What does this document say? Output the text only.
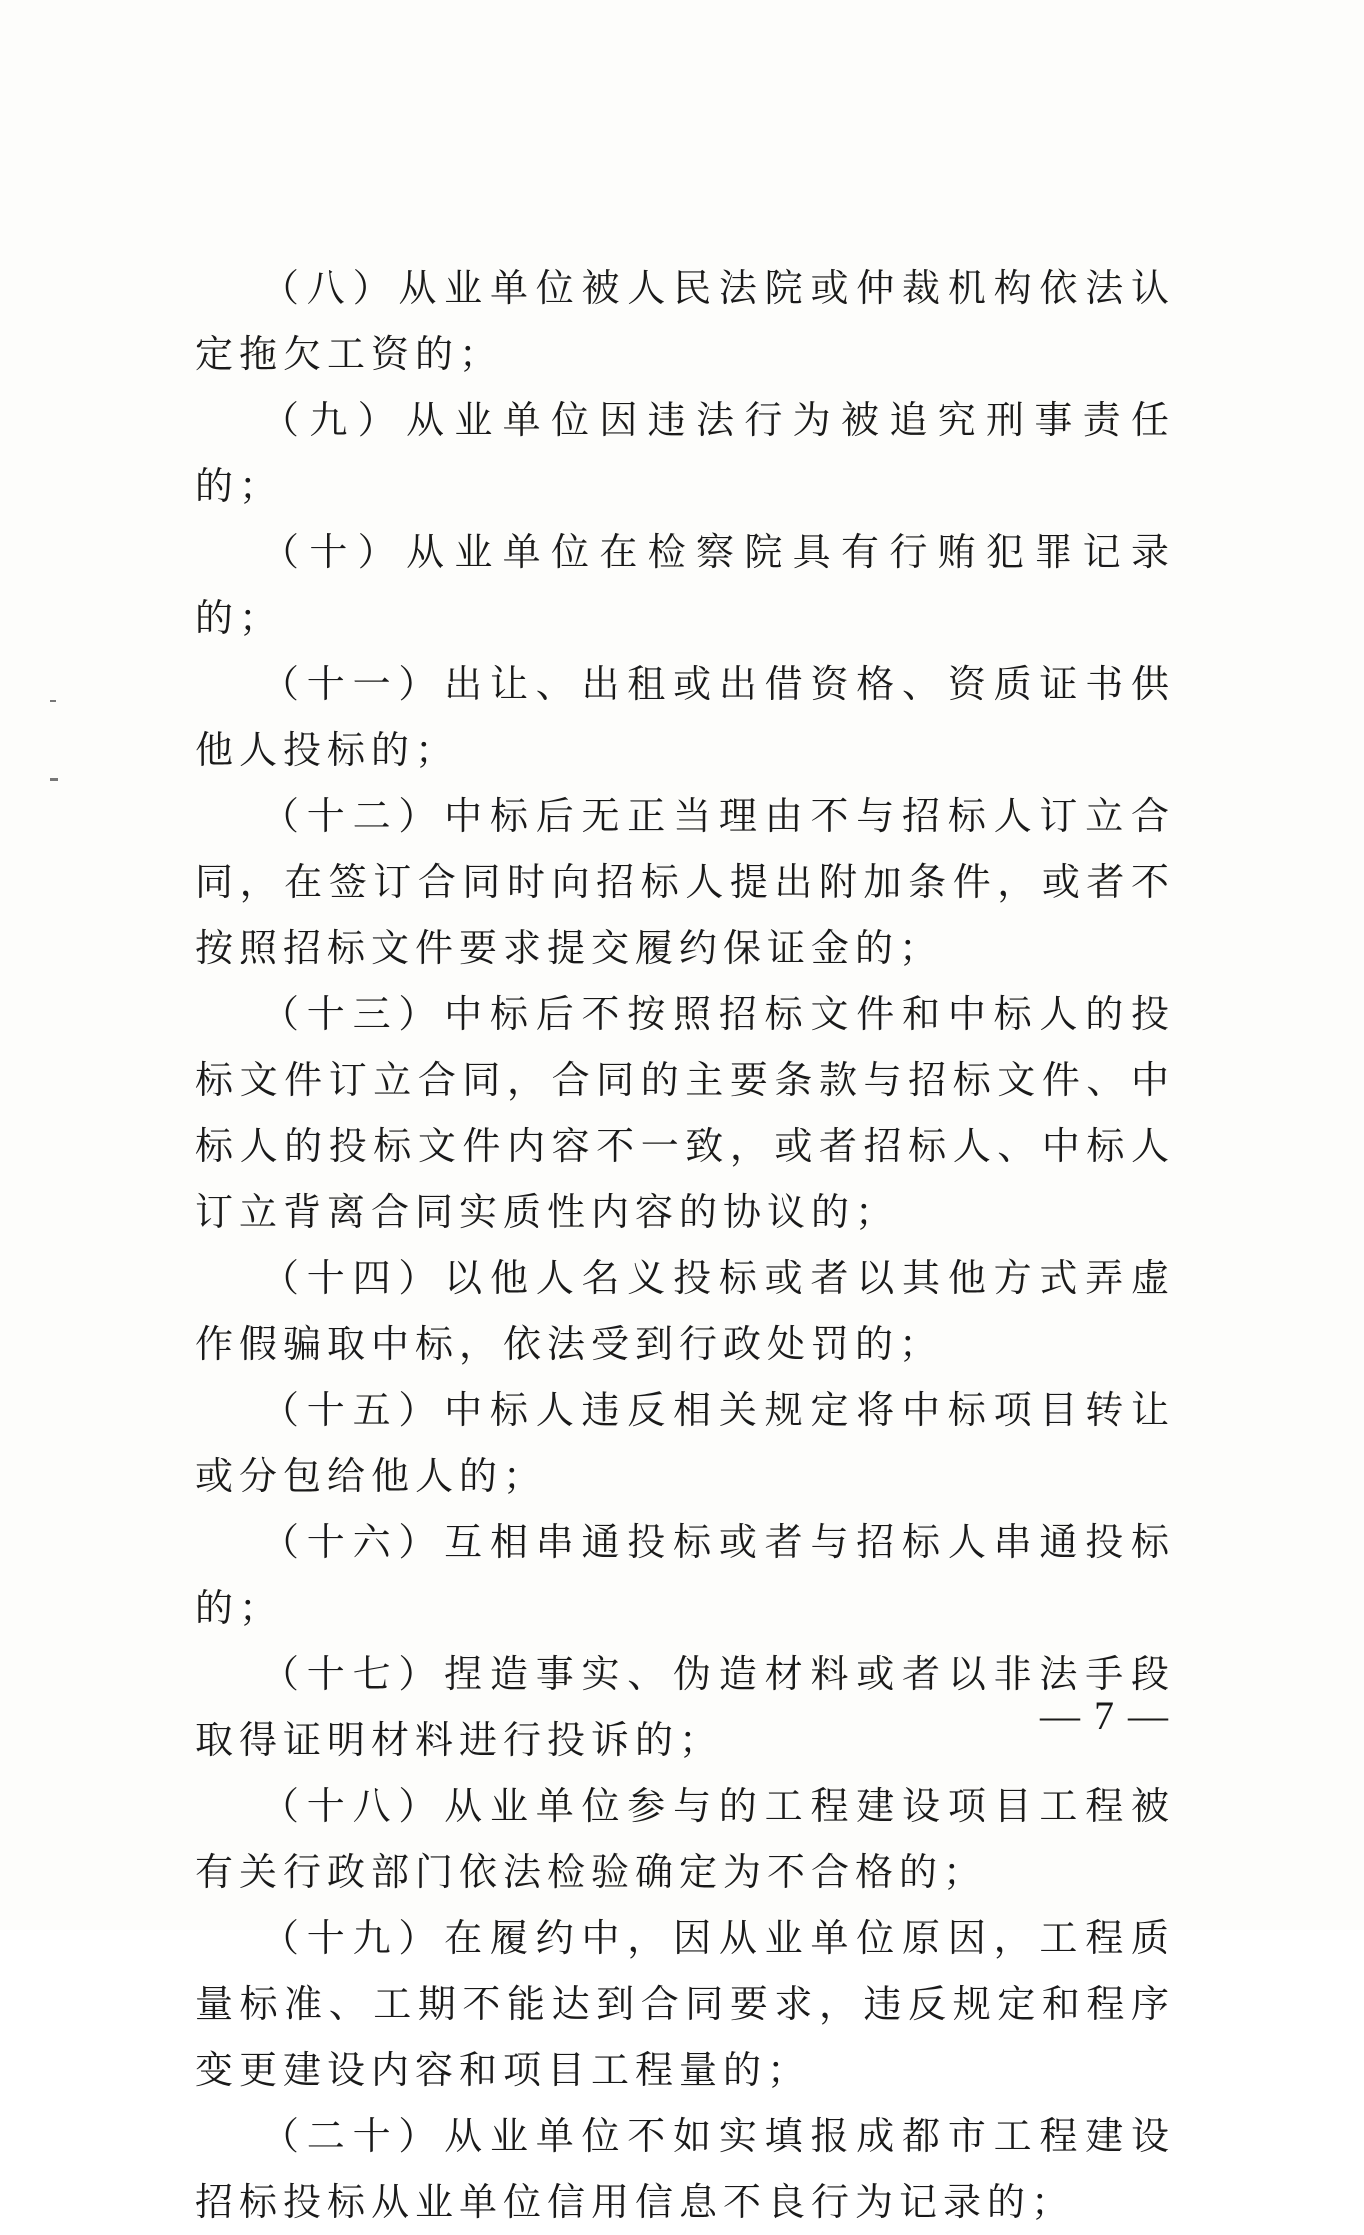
（八）从业单位被人民法院或仲裁机构依法认定拖欠工资的；

（九）从业单位因违法行为被追究刑事责任的；

（十）从业单位在检察院具有行贿犯罪记录的；

（十一）出让、出租或出借资格、资质证书供他人投标的；

（十二）中标后无正当理由不与招标人订立合同，在签订合同时向招标人提出附加条件，或者不按照招标文件要求提交履约保证金的；

（十三）中标后不按照招标文件和中标人的投标文件订立合同，合同的主要条款与招标文件、中标人的投标文件内容不一致，或者招标人、中标人订立背离合同实质性内容的协议的；

（十四）以他人名义投标或者以其他方式弄虚作假骗取中标，依法受到行政处罚的；

（十五）中标人违反相关规定将中标项目转让或分包给他人的；

（十六）互相串通投标或者与招标人串通投标的；

（十七）捏造事实、伪造材料或者以非法手段取得证明材料进行投诉的；

（十八）从业单位参与的工程建设项目工程被有关行政部门依法检验确定为不合格的；

（十九）在履约中，因从业单位原因，工程质量标准、工期不能达到合同要求，违反规定和程序变更建设内容和项目工程量的；

（二十）从业单位不如实填报成都市工程建设招标投标从业单位信用信息不良行为记录的；

— 7 —
